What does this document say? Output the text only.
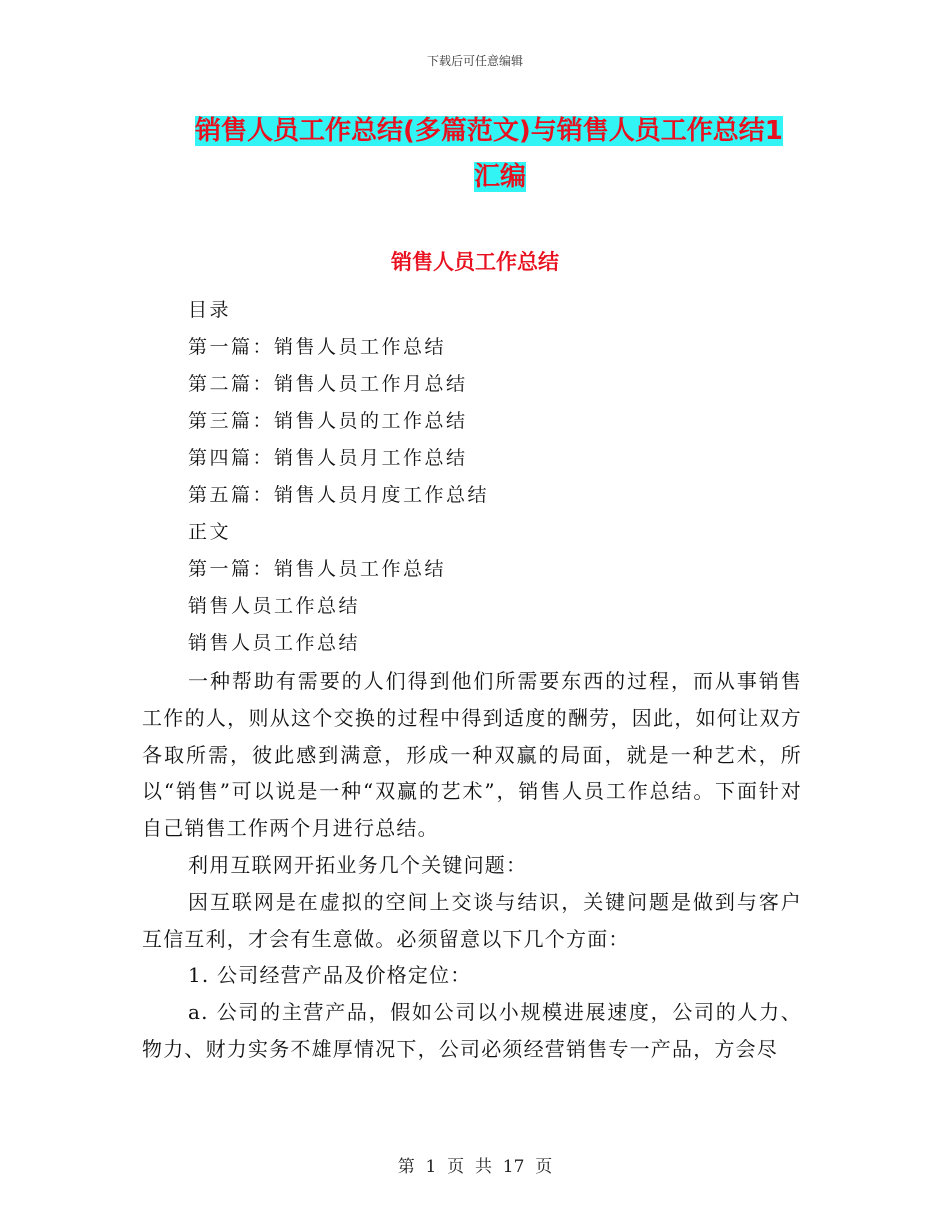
下载后可任意编辑
销售人员工作总结(多篇范文)与销售人员工作总结1
汇编
销售人员工作总结
目录
第一篇：销售人员工作总结
第二篇：销售人员工作月总结
第三篇：销售人员的工作总结
第四篇：销售人员月工作总结
第五篇：销售人员月度工作总结
正文
第一篇：销售人员工作总结
销售人员工作总结
销售人员工作总结

一种帮助有需要的人们得到他们所需要东西的过程，而从事销售工作的人，则从这个交换的过程中得到适度的酬劳，因此，如何让双方各取所需，彼此感到满意，形成一种双赢的局面，就是一种艺术，所以“销售”可以说是一种“双赢的艺术”，销售人员工作总结。下面针对自己销售工作两个月进行总结。

利用互联网开拓业务几个关键问题：

因互联网是在虚拟的空间上交谈与结识，关键问题是做到与客户互信互利，才会有生意做。必须留意以下几个方面：

1. 公司经营产品及价格定位：

a. 公司的主营产品，假如公司以小规模进展速度，公司的人力、物力、财力实务不雄厚情况下，公司必须经营销售专一产品，方会尽

第  1  页  共  17  页
